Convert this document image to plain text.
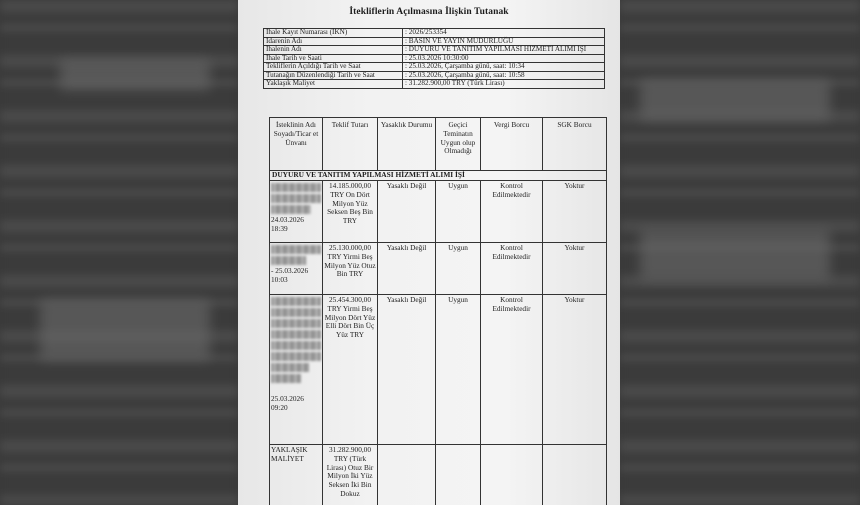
İtekliflerin Açılmasına İlişkin Tutanak
İhale Kayıt Numarası (İKN)	: 2026/253354
İdarenin Adı	: BASIN VE YAYIN MÜDÜRLÜĞÜ
İhalenin Adı	: DUYURU VE TANITIM YAPILMASI HİZMETİ ALIMI İŞİ
İhale Tarih ve Saati	: 25.03.2026 10:30:00
Tekliflerin Açıldığı Tarih ve Saat	: 25.03.2026, Çarşamba günü, saat: 10:34
Tutanağın Düzenlendiği Tarih ve Saat	: 25.03.2026, Çarşamba günü, saat: 10:58
Yaklaşık Maliyet	: 31.282.900,00 TRY (Türk Lirası)
İsteklinin Adı Soyadı/Ticar et Ünvanı	Teklif Tutarı	Yasaklık Durumu	Geçici Teminatın Uygun olup Olmadığı	Vergi Borcu	SGK Borcu
DUYURU VE TANITIM YAPILMASI HİZMETİ ALIMI İŞİ					

24.03.2026 18:39	14.185.000,00 TRY On Dört Milyon Yüz Seksen Beş Bin TRY	Yasaklı Değil	Uygun	Kontrol Edilmektedir	Yoktur

- 25.03.2026 10:03	25.130.000,00 TRY Yirmi Beş Milyon Yüz Otuz Bin TRY	Yasaklı Değil	Uygun	Kontrol Edilmektedir	Yoktur

25.03.2026 09:20	25.454.300,00 TRY Yirmi Beş Milyon Dört Yüz Elli Dört Bin Üç Yüz TRY	Yasaklı Değil	Uygun	Kontrol Edilmektedir	Yoktur
YAKLAŞIK MALİYET	31.282.900,00 TRY (Türk Lirası) Otuz Bir Milyon İki Yüz Seksen İki Bin Dokuz				
